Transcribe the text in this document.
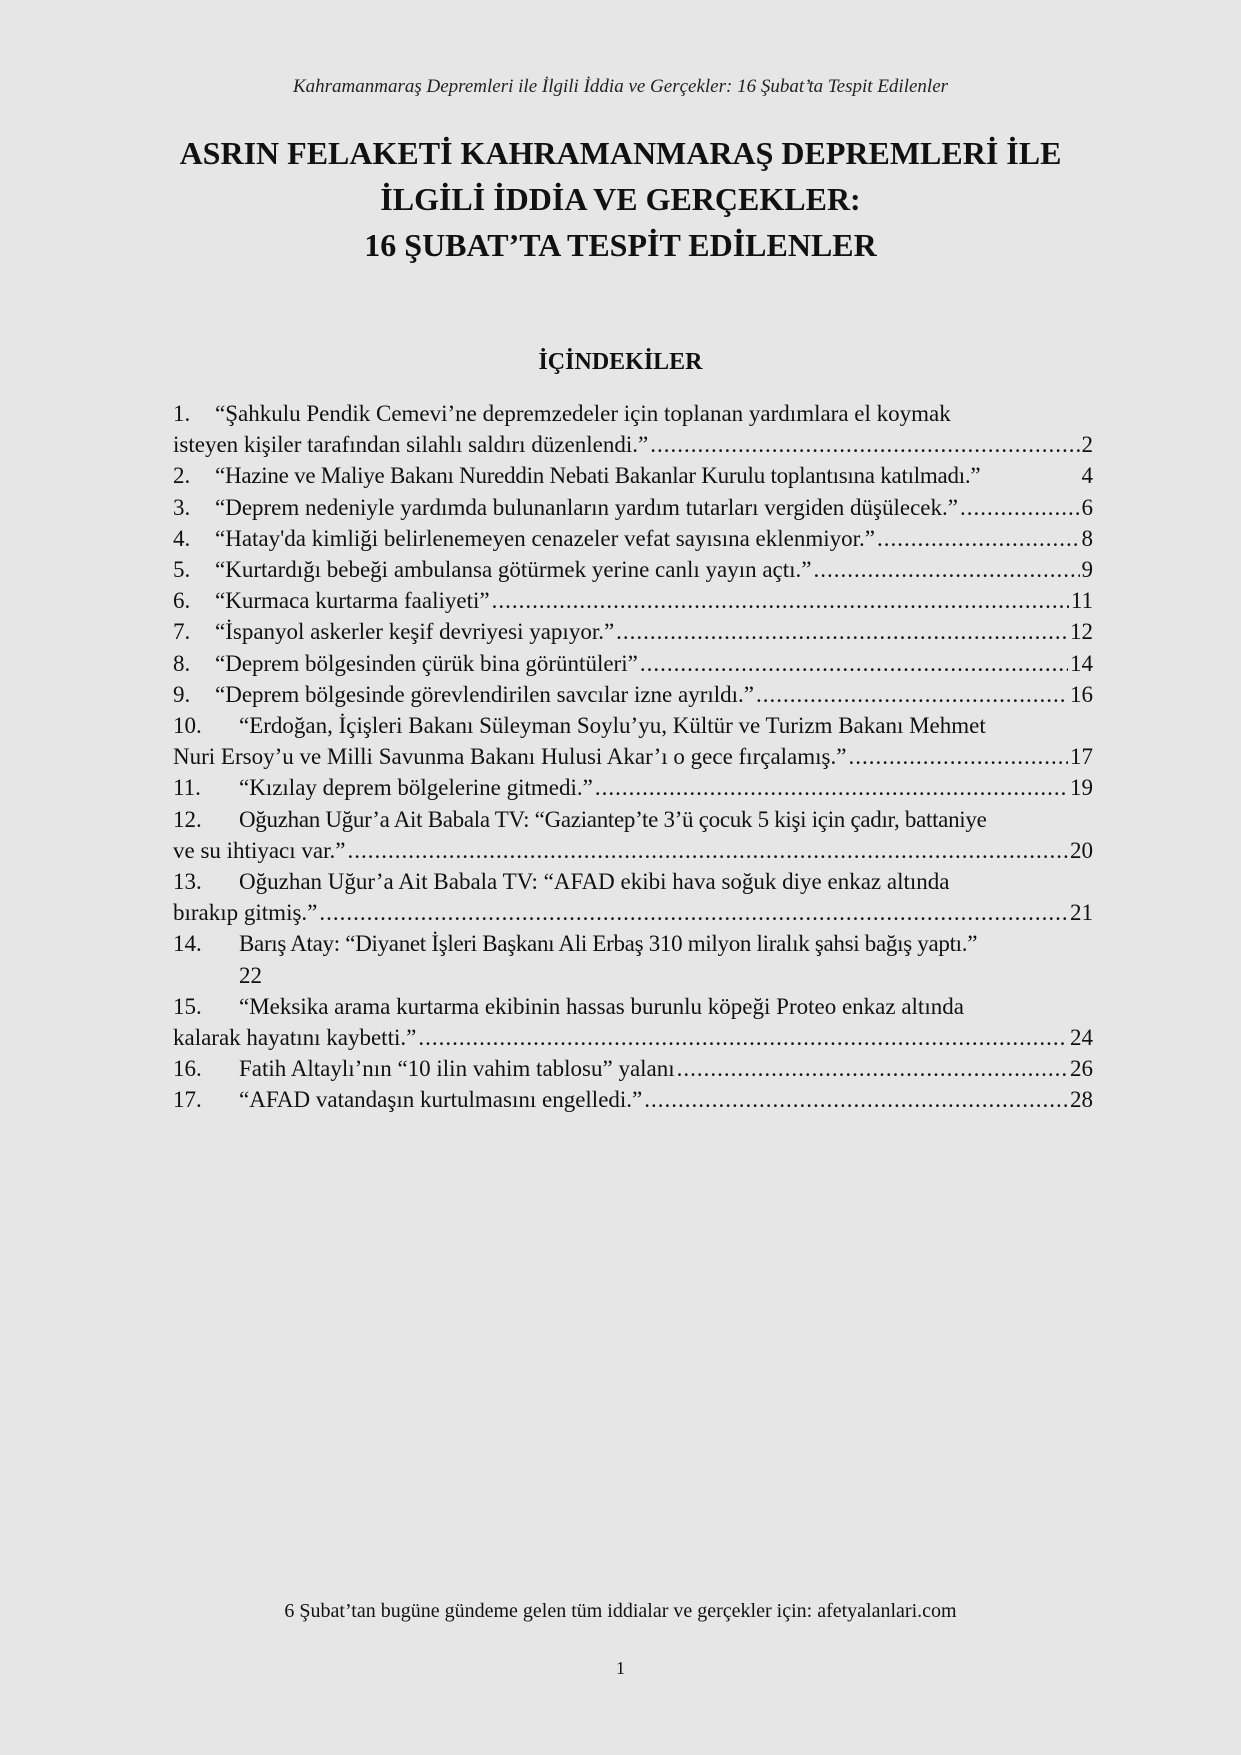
Kahramanmaraş Depremleri ile İlgili İddia ve Gerçekler: 16 Şubat’ta Tespit Edilenler
ASRIN FELAKETİ KAHRAMANMARAŞ DEPREMLERİ İLE
İLGİLİ İDDİA VE GERÇEKLER:
16 ŞUBAT’TA TESPİT EDİLENLER
İÇİNDEKİLER
1. “Şahkulu Pendik Cemevi’ne depremzedeler için toplanan yardımlara el koymak
isteyen kişiler tarafından silahlı saldırı düzenlendi.” .....	2
2. “Hazine ve Maliye Bakanı Nureddin Nebati Bakanlar Kurulu toplantısına katılmadı.”	4
3. “Deprem nedeniyle yardımda bulunanların yardım tutarları vergiden düşülecek.” .....	6
4. “Hatay'da kimliği belirlenemeyen cenazeler vefat sayısına eklenmiyor.” .....	8
5. “Kurtardığı bebeği ambulansa götürmek yerine canlı yayın açtı.” .....	9
6. “Kurmaca kurtarma faaliyeti” .....	11
7. “İspanyol askerler keşif devriyesi yapıyor.” .....	12
8. “Deprem bölgesinden çürük bina görüntüleri” .....	14
9. “Deprem bölgesinde görevlendirilen savcılar izne ayrıldı.” .....	16
10. “Erdoğan, İçişleri Bakanı Süleyman Soylu’yu, Kültür ve Turizm Bakanı Mehmet
Nuri Ersoy’u ve Milli Savunma Bakanı Hulusi Akar’ı o gece fırçalamış.” .....	17
11. “Kızılay deprem bölgelerine gitmedi.” .....	19
12. Oğuzhan Uğur’a Ait Babala TV: “Gaziantep’te 3’ü çocuk 5 kişi için çadır, battaniye
ve su ihtiyacı var.” .....	20
13. Oğuzhan Uğur’a Ait Babala TV: “AFAD ekibi hava soğuk diye enkaz altında
bırakıp gitmiş.” .....	21
14. Barış Atay: “Diyanet İşleri Başkanı Ali Erbaş 310 milyon liralık şahsi bağış yaptı.”
22
15. “Meksika arama kurtarma ekibinin hassas burunlu köpeği Proteo enkaz altında
kalarak hayatını kaybetti.” .....	24
16. Fatih Altaylı’nın “10 ilin vahim tablosu” yalanı .....	26
17. “AFAD vatandaşın kurtulmasını engelledi.” .....	28
6 Şubat’tan bugüne gündeme gelen tüm iddialar ve gerçekler için: afetyalanlari.com
1
